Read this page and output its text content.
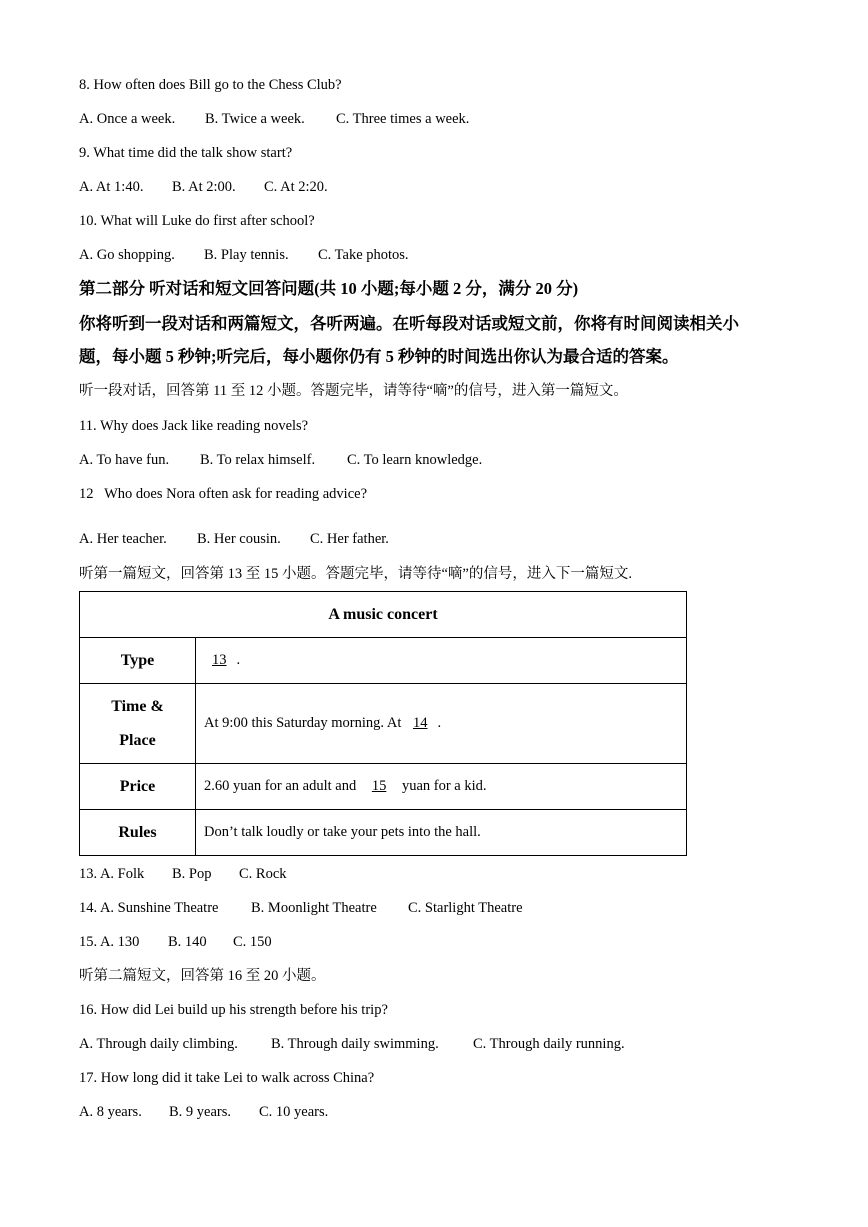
8. How often does Bill go to the Chess Club?
A. Once a week. B. Twice a week. C. Three times a week.
9. What time did the talk show start?
A. At 1:40. B. At 2:00. C. At 2:20.
10. What will Luke do first after school?
A. Go shopping. B. Play tennis. C. Take photos.
第二部分 听对话和短文回答问题(共 10 小题;每小题 2 分，满分 20 分)
你将听到一段对话和两篇短文，各听两遍。在听每段对话或短文前，你将有时间阅读相关小
题，每小题 5 秒钟;听完后，每小题你仍有 5 秒钟的时间选出你认为最合适的答案。
听一段对话，回答第 11 至 12 小题。答题完毕，请等待“嘀”的信号，进入第一篇短文。
11. Why does Jack like reading novels?
A. To have fun. B. To relax himself. C. To learn knowledge.
12   Who does Nora often ask for reading advice?
A. Her teacher. B. Her cousin. C. Her father.
听第一篇短文，回答第 13 至 15 小题。答题完毕，请等待“嘀”的信号，进入下一篇短文.
A music concert	
Type	13 .

Time &
Place	At 9:00 this Saturday morning. At 14 .
Price	2.60 yuan for an adult and 15 yuan for a kid.
Rules	Don’t talk loudly or take your pets into the hall.
13. A. Folk B. Pop C. Rock
14. A. Sunshine Theatre B. Moonlight Theatre C. Starlight Theatre
15. A. 130 B. 140 C. 150
听第二篇短文，回答第 16 至 20 小题。
16. How did Lei build up his strength before his trip?
A. Through daily climbing. B. Through daily swimming. C. Through daily running.
17. How long did it take Lei to walk across China?
A. 8 years. B. 9 years. C. 10 years.
